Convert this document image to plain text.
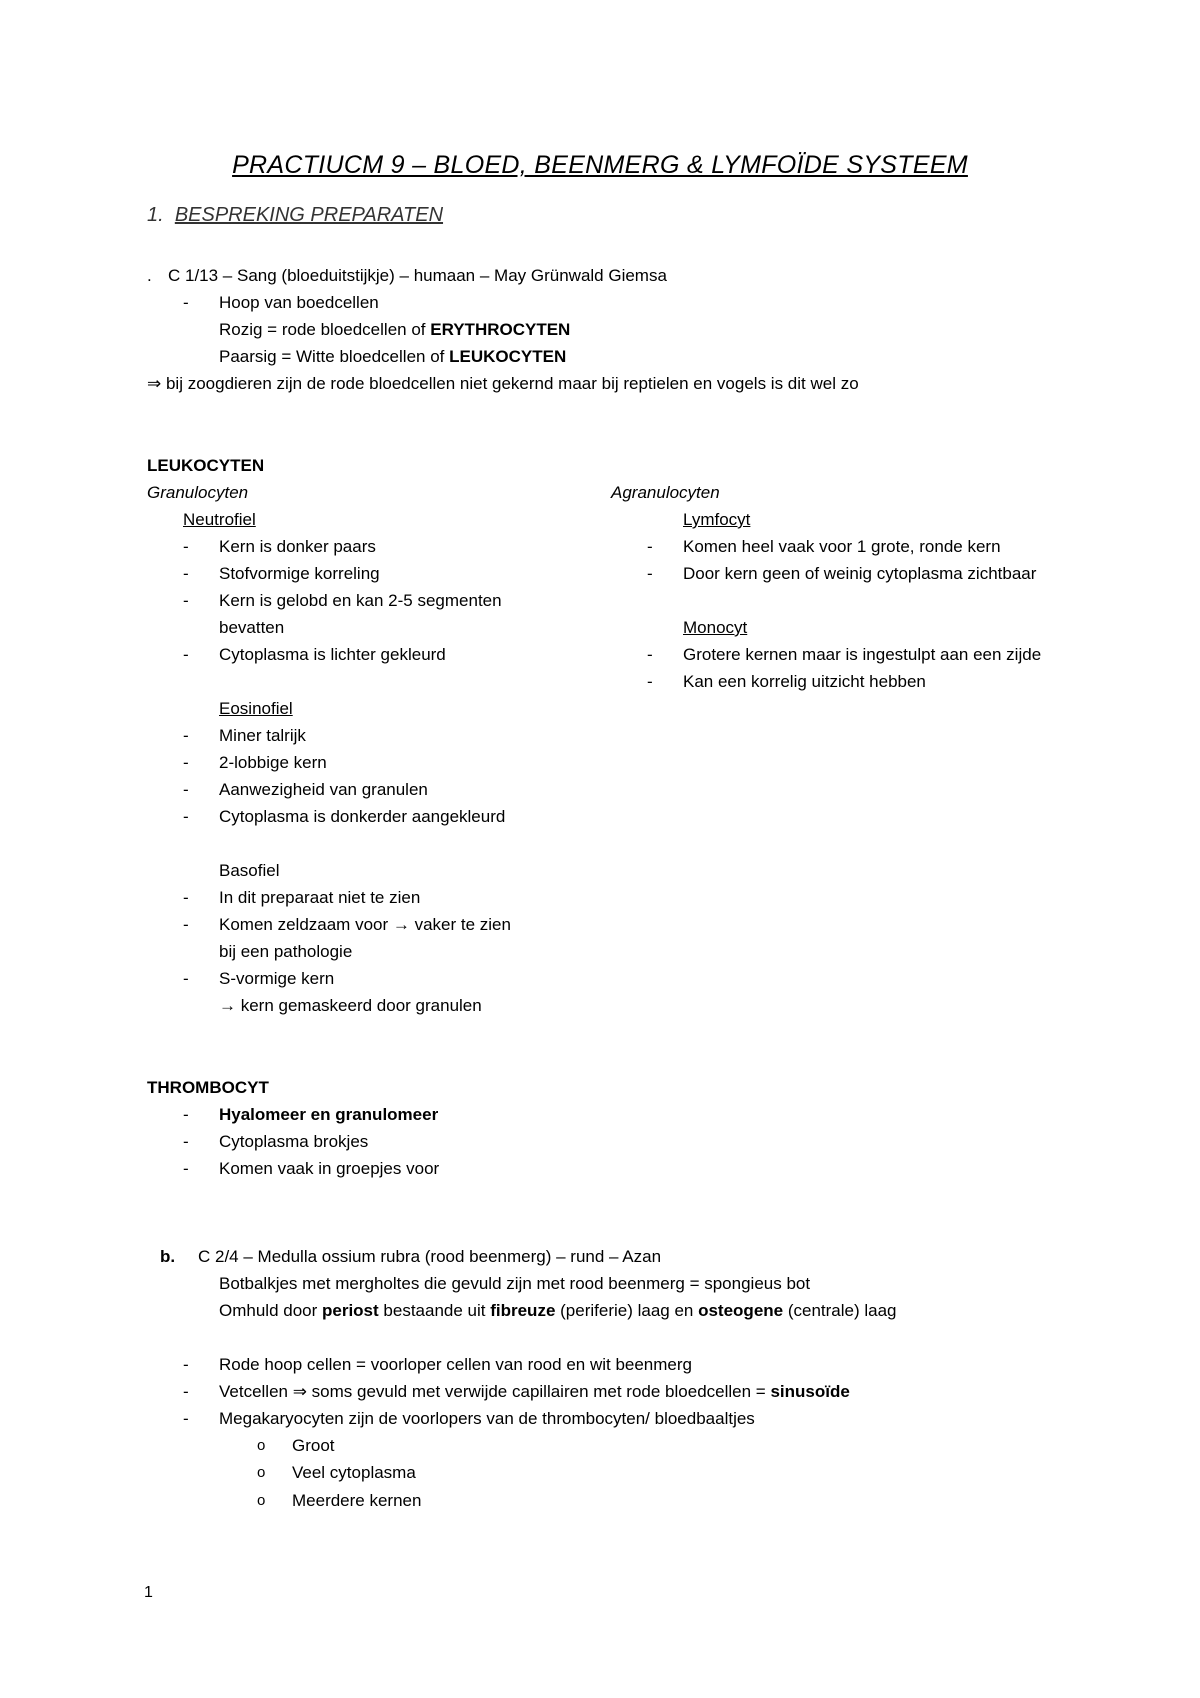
PRACTIUCM 9 – BLOED, BEENMERG & LYMFOÏDE SYSTEEM
1. BESPREKING PREPARATEN
. C 1/13 – Sang (bloeduitstijkje) – humaan – May Grünwald Giemsa
- Hoop van boedcellen
Rozig = rode bloedcellen of ERYTHROCYTEN
Paarsig = Witte bloedcellen of LEUKOCYTEN
⇒ bij zoogdieren zijn de rode bloedcellen niet gekernd maar bij reptielen en vogels is dit wel zo
LEUKOCYTEN
Granulocyten	Agranulocyten
Neutrofiel
- Kern is donker paars
- Stofvormige korreling
- Kern is gelobd en kan 2-5 segmenten
bevatten
- Cytoplasma is lichter gekleurd
Eosinofiel
- Miner talrijk
- 2-lobbige kern
- Aanwezigheid van granulen
- Cytoplasma is donkerder aangekleurd
Basofiel
- In dit preparaat niet te zien
- Komen zeldzaam voor → vaker te zien
bij een pathologie
- S-vormige kern
→ kern gemaskeerd door granulen
Lymfocyt
- Komen heel vaak voor 1 grote, ronde kern
- Door kern geen of weinig cytoplasma zichtbaar
Monocyt
- Grotere kernen maar is ingestulpt aan een zijde
- Kan een korrelig uitzicht hebben
THROMBOCYT
- Hyalomeer en granulomeer
- Cytoplasma brokjes
- Komen vaak in groepjes voor
b. C 2/4 – Medulla ossium rubra (rood beenmerg) – rund – Azan
Botbalkjes met mergholtes die gevuld zijn met rood beenmerg = spongieus bot
Omhuld door periost bestaande uit fibreuze (periferie) laag en osteogene (centrale) laag
- Rode hoop cellen = voorloper cellen van rood en wit beenmerg
- Vetcellen ⇒ soms gevuld met verwijde capillairen met rode bloedcellen = sinusoïde
- Megakaryocyten zijn de voorlopers van de thrombocyten/ bloedbaaltjes
o Groot
o Veel cytoplasma
o Meerdere kernen
1
